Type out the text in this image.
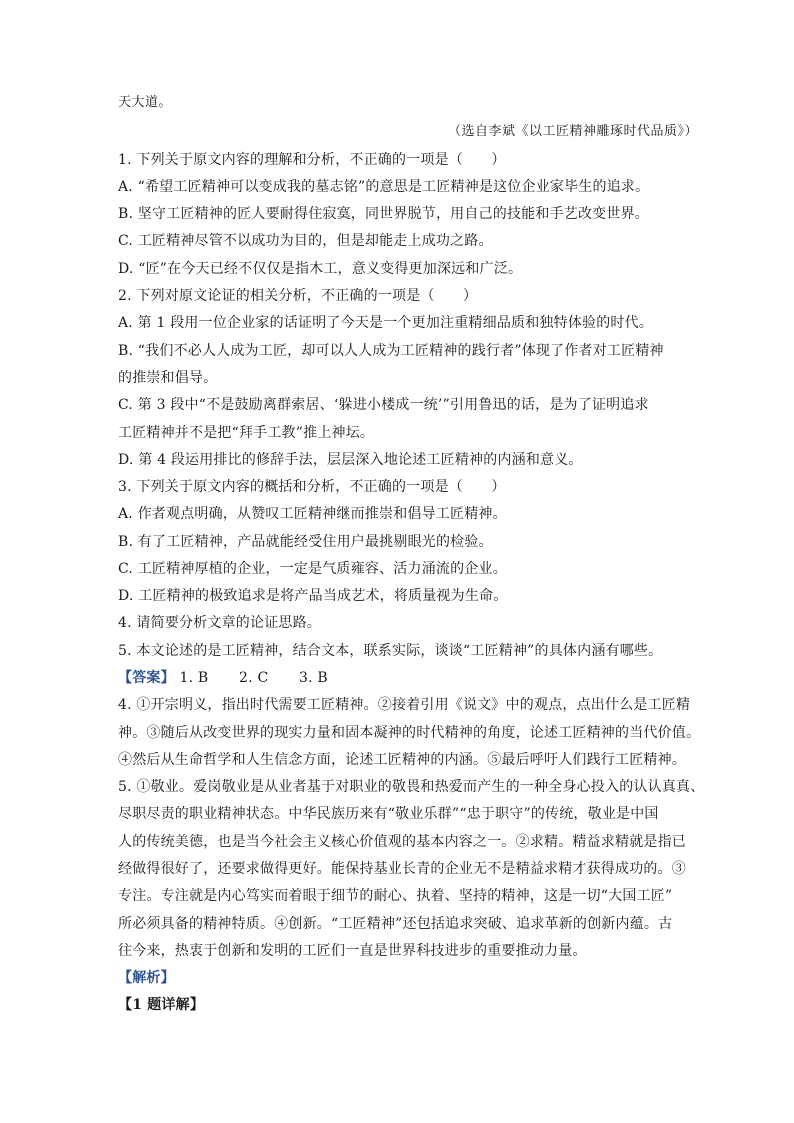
天大道。
（选自李斌《以工匠精神雕琢时代品质》）
1. 下列关于原文内容的理解和分析，不正确的一项是（　　）
A. “希望工匠精神可以变成我的墓志铭”的意思是工匠精神是这位企业家毕生的追求。
B. 坚守工匠精神的匠人要耐得住寂寞，同世界脱节，用自己的技能和手艺改变世界。
C. 工匠精神尽管不以成功为目的，但是却能走上成功之路。
D. “匠”在今天已经不仅仅是指木工，意义变得更加深远和广泛。
2. 下列对原文论证的相关分析，不正确的一项是（　　）
A. 第 1 段用一位企业家的话证明了今天是一个更加注重精细品质和独特体验的时代。
B. “我们不必人人成为工匠，却可以人人成为工匠精神的践行者”体现了作者对工匠精神
的推崇和倡导。
C. 第 3 段中“不是鼓励离群索居、‘躲进小楼成一统’”引用鲁迅的话，是为了证明追求
工匠精神并不是把“拜手工教”推上神坛。
D. 第 4 段运用排比的修辞手法，层层深入地论述工匠精神的内涵和意义。
3. 下列关于原文内容的概括和分析，不正确的一项是（　　）
A. 作者观点明确，从赞叹工匠精神继而推崇和倡导工匠精神。
B. 有了工匠精神，产品就能经受住用户最挑剔眼光的检验。
C. 工匠精神厚植的企业，一定是气质雍容、活力涌流的企业。
D. 工匠精神的极致追求是将产品当成艺术，将质量视为生命。
4. 请简要分析文章的论证思路。
5. 本文论述的是工匠精神，结合文本，联系实际，谈谈“工匠精神”的具体内涵有哪些。
【答案】 1. B 2. C 3. B
4. ①开宗明义，指出时代需要工匠精神。②接着引用《说文》中的观点，点出什么是工匠精
神。③随后从改变世界的现实力量和固本凝神的时代精神的角度，论述工匠精神的当代价值。
④然后从生命哲学和人生信念方面，论述工匠精神的内涵。⑤最后呼吁人们践行工匠精神。
5. ①敬业。爱岗敬业是从业者基于对职业的敬畏和热爱而产生的一种全身心投入的认认真真、
尽职尽责的职业精神状态。中华民族历来有“敬业乐群”“忠于职守”的传统，敬业是中国
人的传统美德，也是当今社会主义核心价值观的基本内容之一。②求精。精益求精就是指已
经做得很好了，还要求做得更好。能保持基业长青的企业无不是精益求精才获得成功的。③
专注。专注就是内心笃实而着眼于细节的耐心、执着、坚持的精神，这是一切“大国工匠”
所必须具备的精神特质。④创新。“工匠精神”还包括追求突破、追求革新的创新内蕴。古
往今来，热衷于创新和发明的工匠们一直是世界科技进步的重要推动力量。
【解析】
【1 题详解】
